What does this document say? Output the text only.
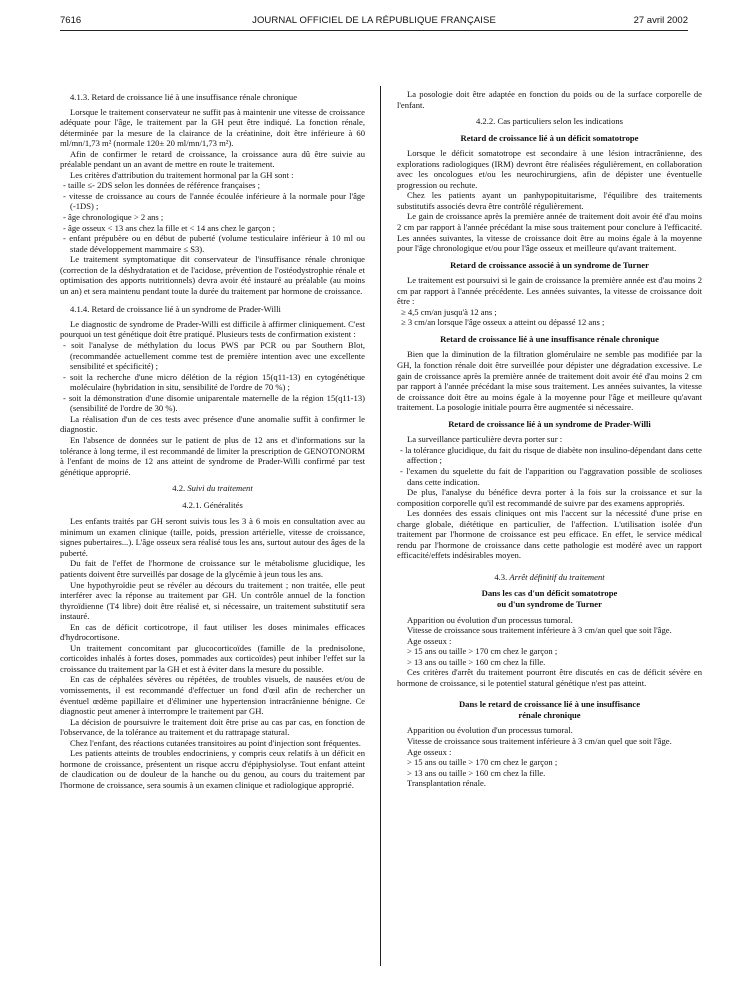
7616	JOURNAL OFFICIEL DE LA RÉPUBLIQUE FRANÇAISE	27 avril 2002

4.1.3. Retard de croissance lié à une insuffisance rénale chronique

Lorsque le traitement conservateur ne suffit pas à maintenir une vitesse de croissance adéquate pour l'âge, le traitement par la GH peut être indiqué. La fonction rénale, déterminée par la mesure de la clairance de la créatinine, doit être inférieure à 60 ml/mn/1,73 m² (normale 120± 20 ml/mn/1,73 m²).

Afin de confirmer le retard de croissance, la croissance aura dû être suivie au préalable pendant un an avant de mettre en route le traitement.

Les critères d'attribution du traitement hormonal par la GH sont :

- taille ≤- 2DS selon les données de référence françaises ;
- vitesse de croissance au cours de l'année écoulée inférieure à la normale pour l'âge (-1DS) ;
- âge chronologique > 2 ans ;
- âge osseux < 13 ans chez la fille et < 14 ans chez le garçon ;
- enfant prépubère ou en début de puberté (volume testiculaire inférieur à 10 ml ou stade développement mammaire ≤ S3).

Le traitement symptomatique dit conservateur de l'insuffisance rénale chronique (correction de la déshydratation et de l'acidose, prévention de l'ostéodystrophie rénale et optimisation des apports nutritionnels) devra avoir été instauré au préalable (au moins un an) et sera maintenu pendant toute la durée du traitement par hormone de croissance.

4.1.4. Retard de croissance lié à un syndrome de Prader-Willi

Le diagnostic de syndrome de Prader-Willi est difficile à affirmer cliniquement. C'est pourquoi un test génétique doit être pratiqué. Plusieurs tests de confirmation existent :

- soit l'analyse de méthylation du locus PWS par PCR ou par Southern Blot, (recommandée actuellement comme test de première intention avec une excellente sensibilité et spécificité) ;
- soit la recherche d'une micro délétion de la région 15(q11-13) en cytogénétique moléculaire (hybridation in situ, sensibilité de l'ordre de 70 %) ;
- soit la démonstration d'une disomie uniparentale maternelle de la région 15(q11-13) (sensibilité de l'ordre de 30 %).

La réalisation d'un de ces tests avec présence d'une anomalie suffit à confirmer le diagnostic.

En l'absence de données sur le patient de plus de 12 ans et d'informations sur la tolérance à long terme, il est recommandé de limiter la prescription de GENOTONORM à l'enfant de moins de 12 ans atteint de syndrome de Prader-Willi confirmé par test génétique approprié.

4.2. Suivi du traitement

4.2.1. Généralités

Les enfants traités par GH seront suivis tous les 3 à 6 mois en consultation avec au minimum un examen clinique (taille, poids, pression artérielle, vitesse de croissance, signes pubertaires...). L'âge osseux sera réalisé tous les ans, surtout autour des âges de la puberté.

Du fait de l'effet de l'hormone de croissance sur le métabolisme glucidique, les patients doivent être surveillés par dosage de la glycémie à jeun tous les ans.

Une hypothyroïdie peut se révéler au décours du traitement ; non traitée, elle peut interférer avec la réponse au traitement par GH. Un contrôle annuel de la fonction thyroïdienne (T4 libre) doit être réalisé et, si nécessaire, un traitement substitutif sera instauré.

En cas de déficit corticotrope, il faut utiliser les doses minimales efficaces d'hydrocortisone.

Un traitement concomitant par glucocorticoïdes (famille de la prednisolone, corticoïdes inhalés à fortes doses, pommades aux corticoïdes) peut inhiber l'effet sur la croissance du traitement par la GH et est à éviter dans la mesure du possible.

En cas de céphalées sévères ou répétées, de troubles visuels, de nausées et/ou de vomissements, il est recommandé d'effectuer un fond d'œil afin de rechercher un éventuel œdème papillaire et d'éliminer une hypertension intracrânienne bénigne. Ce diagnostic peut amener à interrompre le traitement par GH.

La décision de poursuivre le traitement doit être prise au cas par cas, en fonction de l'observance, de la tolérance au traitement et du rattrapage statural.

Chez l'enfant, des réactions cutanées transitoires au point d'injection sont fréquentes.

Les patients atteints de troubles endocriniens, y compris ceux relatifs à un déficit en hormone de croissance, présentent un risque accru d'épiphysiolyse. Tout enfant atteint de claudication ou de douleur de la hanche ou du genou, au cours du traitement par l'hormone de croissance, sera soumis à un examen clinique et radiologique approprié.

La posologie doit être adaptée en fonction du poids ou de la surface corporelle de l'enfant.

4.2.2. Cas particuliers selon les indications

Retard de croissance lié à un déficit somatotrope

Lorsque le déficit somatotrope est secondaire à une lésion intracrânienne, des explorations radiologiques (IRM) devront être réalisées régulièrement, en collaboration avec les oncologues et/ou les neurochirurgiens, afin de dépister une éventuelle progression ou rechute.

Chez les patients ayant un panhypopituitarisme, l'équilibre des traitements substitutifs associés devra être contrôlé régulièrement.

Le gain de croissance après la première année de traitement doit avoir été d'au moins 2 cm par rapport à l'année précédant la mise sous traitement pour conclure à l'efficacité. Les années suivantes, la vitesse de croissance doit être au moins égale à la moyenne pour l'âge chronologique et/ou pour l'âge osseux et meilleure qu'avant traitement.

Retard de croissance associé à un syndrome de Turner

Le traitement est poursuivi si le gain de croissance la première année est d'au moins 2 cm par rapport à l'année précédente. Les années suivantes, la vitesse de croissance doit être :

≥ 4,5 cm/an jusqu'à 12 ans ;
≥ 3 cm/an lorsque l'âge osseux a atteint ou dépassé 12 ans ;

Retard de croissance lié à une insuffisance rénale chronique

Bien que la diminution de la filtration glomérulaire ne semble pas modifiée par la GH, la fonction rénale doit être surveillée pour dépister une dégradation excessive. Le gain de croissance après la première année de traitement doit avoir été d'au moins 2 cm par rapport à l'année précédant la mise sous traitement. Les années suivantes, la vitesse de croissance doit être au moins égale à la moyenne pour l'âge et meilleure qu'avant traitement. La posologie initiale pourra être augmentée si nécessaire.

Retard de croissance lié à un syndrome de Prader-Willi

La surveillance particulière devra porter sur :

- la tolérance glucidique, du fait du risque de diabète non insulino-dépendant dans cette affection ;
- l'examen du squelette du fait de l'apparition ou l'aggravation possible de scolioses dans cette indication.

De plus, l'analyse du bénéfice devra porter à la fois sur la croissance et sur la composition corporelle qu'il est recommandé de suivre par des examens appropriés.

Les données des essais cliniques ont mis l'accent sur la nécessité d'une prise en charge globale, diététique en particulier, de l'affection. L'utilisation isolée d'un traitement par l'hormone de croissance est peu efficace. En effet, le service médical rendu par l'hormone de croissance dans cette pathologie est modéré avec un rapport efficacité/effets indésirables moyen.

4.3. Arrêt définitif du traitement

Dans les cas d'un déficit somatotrope

ou d'un syndrome de Turner

Apparition ou évolution d'un processus tumoral.

Vitesse de croissance sous traitement inférieure à 3 cm/an quel que soit l'âge.

Age osseux :

> 15 ans ou taille > 170 cm chez le garçon ;

> 13 ans ou taille > 160 cm chez la fille.

Ces critères d'arrêt du traitement pourront être discutés en cas de déficit sévère en hormone de croissance, si le potentiel statural génétique n'est pas atteint.

Dans le retard de croissance lié à une insuffisance

rénale chronique

Apparition ou évolution d'un processus tumoral.

Vitesse de croissance sous traitement inférieure à 3 cm/an quel que soit l'âge.

Age osseux :

> 15 ans ou taille > 170 cm chez le garçon ;

> 13 ans ou taille > 160 cm chez la fille.

Transplantation rénale.
